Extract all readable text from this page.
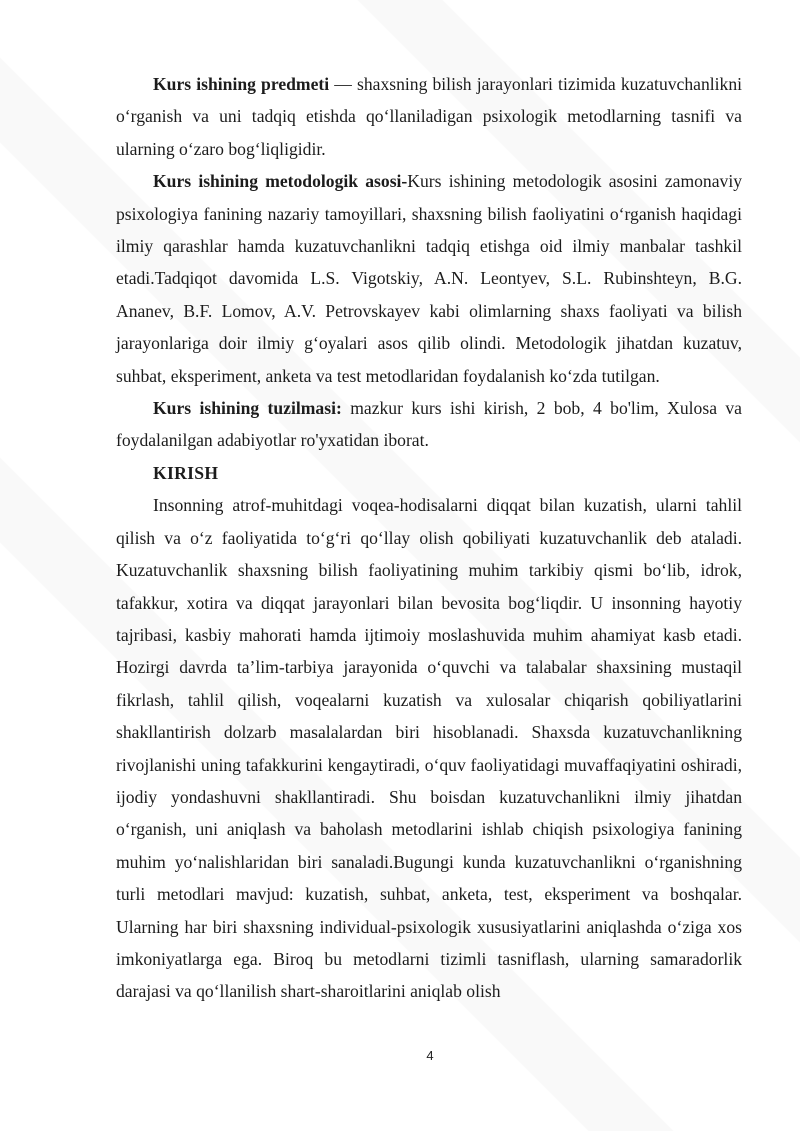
Kurs ishining predmeti — shaxsning bilish jarayonlari tizimida kuzatuvchanlikni o‘rganish va uni tadqiq etishda qo‘llaniladigan psixologik metodlarning tasnifi va ularning o‘zaro bog‘liqligidir.

Kurs ishining metodologik asosi-Kurs ishining metodologik asosini zamonaviy psixologiya fanining nazariy tamoyillari, shaxsning bilish faoliyatini o‘rganish haqidagi ilmiy qarashlar hamda kuzatuvchanlikni tadqiq etishga oid ilmiy manbalar tashkil etadi.Tadqiqot davomida L.S. Vigotskiy, A.N. Leontyev, S.L. Rubinshteyn, B.G. Ananev, B.F. Lomov, A.V. Petrovskayev kabi olimlarning shaxs faoliyati va bilish jarayonlariga doir ilmiy g‘oyalari asos qilib olindi. Metodologik jihatdan kuzatuv, suhbat, eksperiment, anketa va test metodlaridan foydalanish ko‘zda tutilgan.

Kurs ishining tuzilmasi: mazkur kurs ishi kirish, 2 bob, 4 bo'lim, Xulosa va foydalanilgan adabiyotlar ro'yxatidan iborat.

KIRISH

Insonning atrof-muhitdagi voqea-hodisalarni diqqat bilan kuzatish, ularni tahlil qilish va o‘z faoliyatida to‘g‘ri qo‘llay olish qobiliyati kuzatuvchanlik deb ataladi. Kuzatuvchanlik shaxsning bilish faoliyatining muhim tarkibiy qismi bo‘lib, idrok, tafakkur, xotira va diqqat jarayonlari bilan bevosita bog‘liqdir. U insonning hayotiy tajribasi, kasbiy mahorati hamda ijtimoiy moslashuvida muhim ahamiyat kasb etadi. Hozirgi davrda ta’lim-tarbiya jarayonida o‘quvchi va talabalar shaxsining mustaqil fikrlash, tahlil qilish, voqealarni kuzatish va xulosalar chiqarish qobiliyatlarini shakllantirish dolzarb masalalardan biri hisoblanadi. Shaxsda kuzatuvchanlikning rivojlanishi uning tafakkurini kengaytiradi, o‘quv faoliyatidagi muvaffaqiyatini oshiradi, ijodiy yondashuvni shakllantiradi. Shu boisdan kuzatuvchanlikni ilmiy jihatdan o‘rganish, uni aniqlash va baholash metodlarini ishlab chiqish psixologiya fanining muhim yo‘nalishlaridan biri sanaladi.Bugungi kunda kuzatuvchanlikni o‘rganishning turli metodlari mavjud: kuzatish, suhbat, anketa, test, eksperiment va boshqalar. Ularning har biri shaxsning individual-psixologik xususiyatlarini aniqlashda o‘ziga xos imkoniyatlarga ega. Biroq bu metodlarni tizimli tasniflash, ularning samaradorlik darajasi va qo‘llanilish shart-sharoitlarini aniqlab olish

4
